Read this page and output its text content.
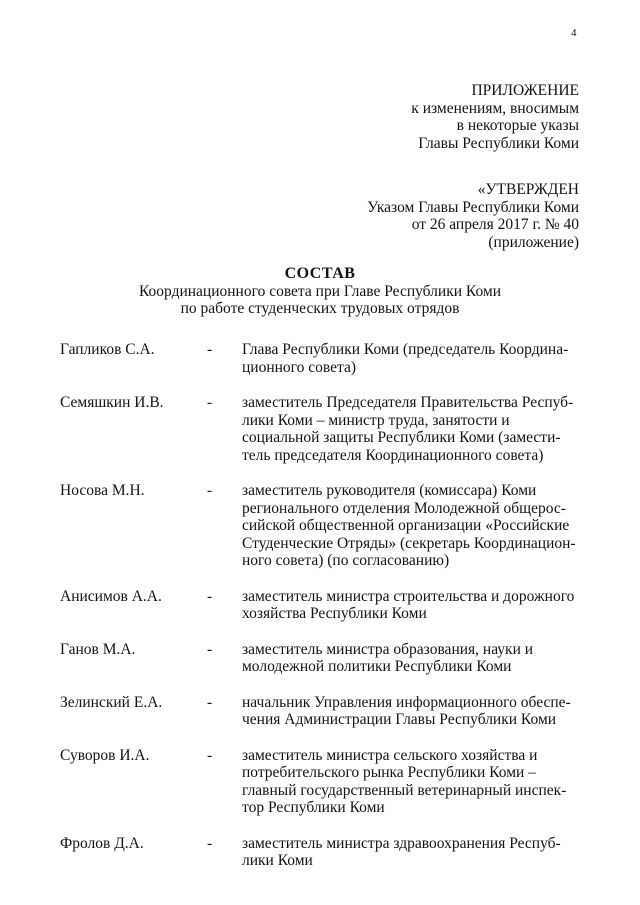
4
ПРИЛОЖЕНИЕ
к изменениям, вносимым
в некоторые указы
Главы Республики Коми
«УТВЕРЖДЕН
Указом Главы Республики Коми
от 26 апреля 2017 г. № 40
(приложение)
СОСТАВ
Координационного совета при Главе Республики Коми
по работе студенческих трудовых отрядов
Гапликов С.А.	-	Глава Республики Коми (председатель Координа-
ционного совета)
Семяшкин И.В.	-	заместитель Председателя Правительства Респуб-
лики Коми – министр труда, занятости и
социальной защиты Республики Коми (замести-
тель председателя Координационного совета)
Носова М.Н.	-	заместитель руководителя (комиссара) Коми
регионального отделения Молодежной общерос-
сийской общественной организации «Российские
Студенческие Отряды» (секретарь Координацион-
ного совета) (по согласованию)
Анисимов А.А.	-	заместитель министра строительства и дорожного
хозяйства Республики Коми
Ганов М.А.	-	заместитель министра образования, науки и
молодежной политики Республики Коми
Зелинский Е.А.	-	начальник Управления информационного обеспе-
чения Администрации Главы Республики Коми
Суворов И.А.	-	заместитель министра сельского хозяйства и
потребительского рынка Республики Коми –
главный государственный ветеринарный инспек-
тор Республики Коми
Фролов Д.А.	-	заместитель министра здравоохранения Респуб-
лики Коми
